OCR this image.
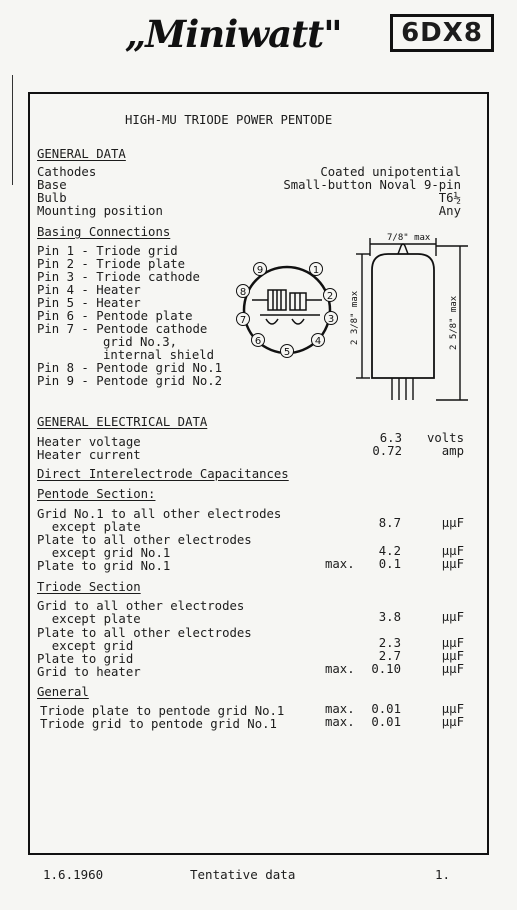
„Miniwatt"	6DX8
HIGH-MU TRIODE POWER PENTODE
GENERAL DATA
Cathodes	Coated unipotential
Base	Small-button Noval 9-pin
Bulb	T6½
Mounting position	Any
Basing Connections
Pin 1 - Triode grid
Pin 2 - Triode plate
Pin 3 - Triode cathode
Pin 4 - Heater
Pin 5 - Heater
Pin 6 - Pentode plate
Pin 7 - Pentode cathode
grid No.3,
internal shield
Pin 8 - Pentode grid No.1
Pin 9 - Pentode grid No.2
1
2
3
4
5
6
7
8
9
7/8" max
2 3/8" max	2 5/8" max
GENERAL ELECTRICAL DATA
Heater voltage	6.3 volts
Heater current	0.72	amp
Direct Interelectrode Capacitances
Pentode Section:
Grid No.1 to all other electrodes
except plate	8.7	µµF
Plate to all other electrodes
except grid No.1	4.2	µµF
Plate to grid No.1	max. 0.1	µµF
Triode Section
Grid to all other electrodes
except plate	3.8	µµF
Plate to all other electrodes
except grid	2.3	µµF
Plate to grid	2.7	µµF
Grid to heater	max. 0.10	µµF
General
Triode plate to pentode grid No.1	max. 0.01	µµF
Triode grid to pentode grid No.1	max. 0.01	µµF
1.6.1960	Tentative data	1.
